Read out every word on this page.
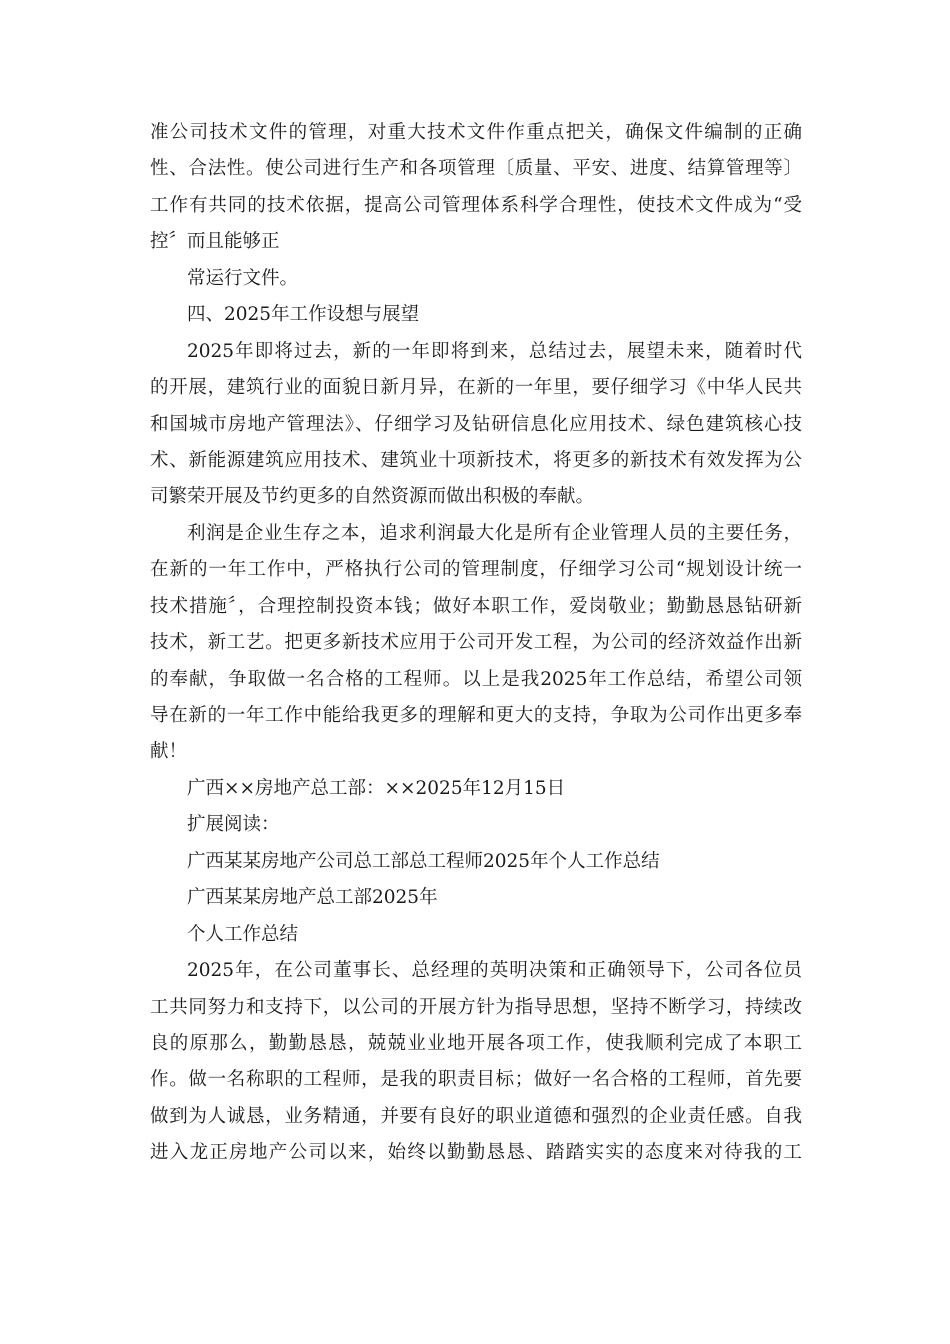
准公司技术文件的管理，对重大技术文件作重点把关，确保文件编制的正确
性、合法性。使公司进行生产和各项管理〔质量、平安、进度、结算管理等〕
工作有共同的技术依据，提高公司管理体系科学合理性，使技术文件成为“受
控〞而且能够正
常运行文件。
四、2025年工作设想与展望
2025年即将过去，新的一年即将到来，总结过去，展望未来，随着时代
的开展，建筑行业的面貌日新月异，在新的一年里，要仔细学习《中华人民共
和国城市房地产管理法》、仔细学习及钻研信息化应用技术、绿色建筑核心技
术、新能源建筑应用技术、建筑业十项新技术，将更多的新技术有效发挥为公
司繁荣开展及节约更多的自然资源而做出积极的奉献。
利润是企业生存之本，追求利润最大化是所有企业管理人员的主要任务，
在新的一年工作中，严格执行公司的管理制度，仔细学习公司“规划设计统一
技术措施〞，合理控制投资本钱；做好本职工作，爱岗敬业；勤勤恳恳钻研新
技术，新工艺。把更多新技术应用于公司开发工程，为公司的经济效益作出新
的奉献，争取做一名合格的工程师。以上是我2025年工作总结，希望公司领
导在新的一年工作中能给我更多的理解和更大的支持，争取为公司作出更多奉
献！
广西××房地产总工部：××2025年12月15日
扩展阅读：
广西某某房地产公司总工部总工程师2025年个人工作总结
广西某某房地产总工部2025年
个人工作总结
2025年，在公司董事长、总经理的英明决策和正确领导下，公司各位员
工共同努力和支持下，以公司的开展方针为指导思想，坚持不断学习，持续改
良的原那么，勤勤恳恳，兢兢业业地开展各项工作，使我顺利完成了本职工
作。做一名称职的工程师，是我的职责目标；做好一名合格的工程师，首先要
做到为人诚恳，业务精通，并要有良好的职业道德和强烈的企业责任感。自我
进入龙正房地产公司以来，始终以勤勤恳恳、踏踏实实的态度来对待我的工
